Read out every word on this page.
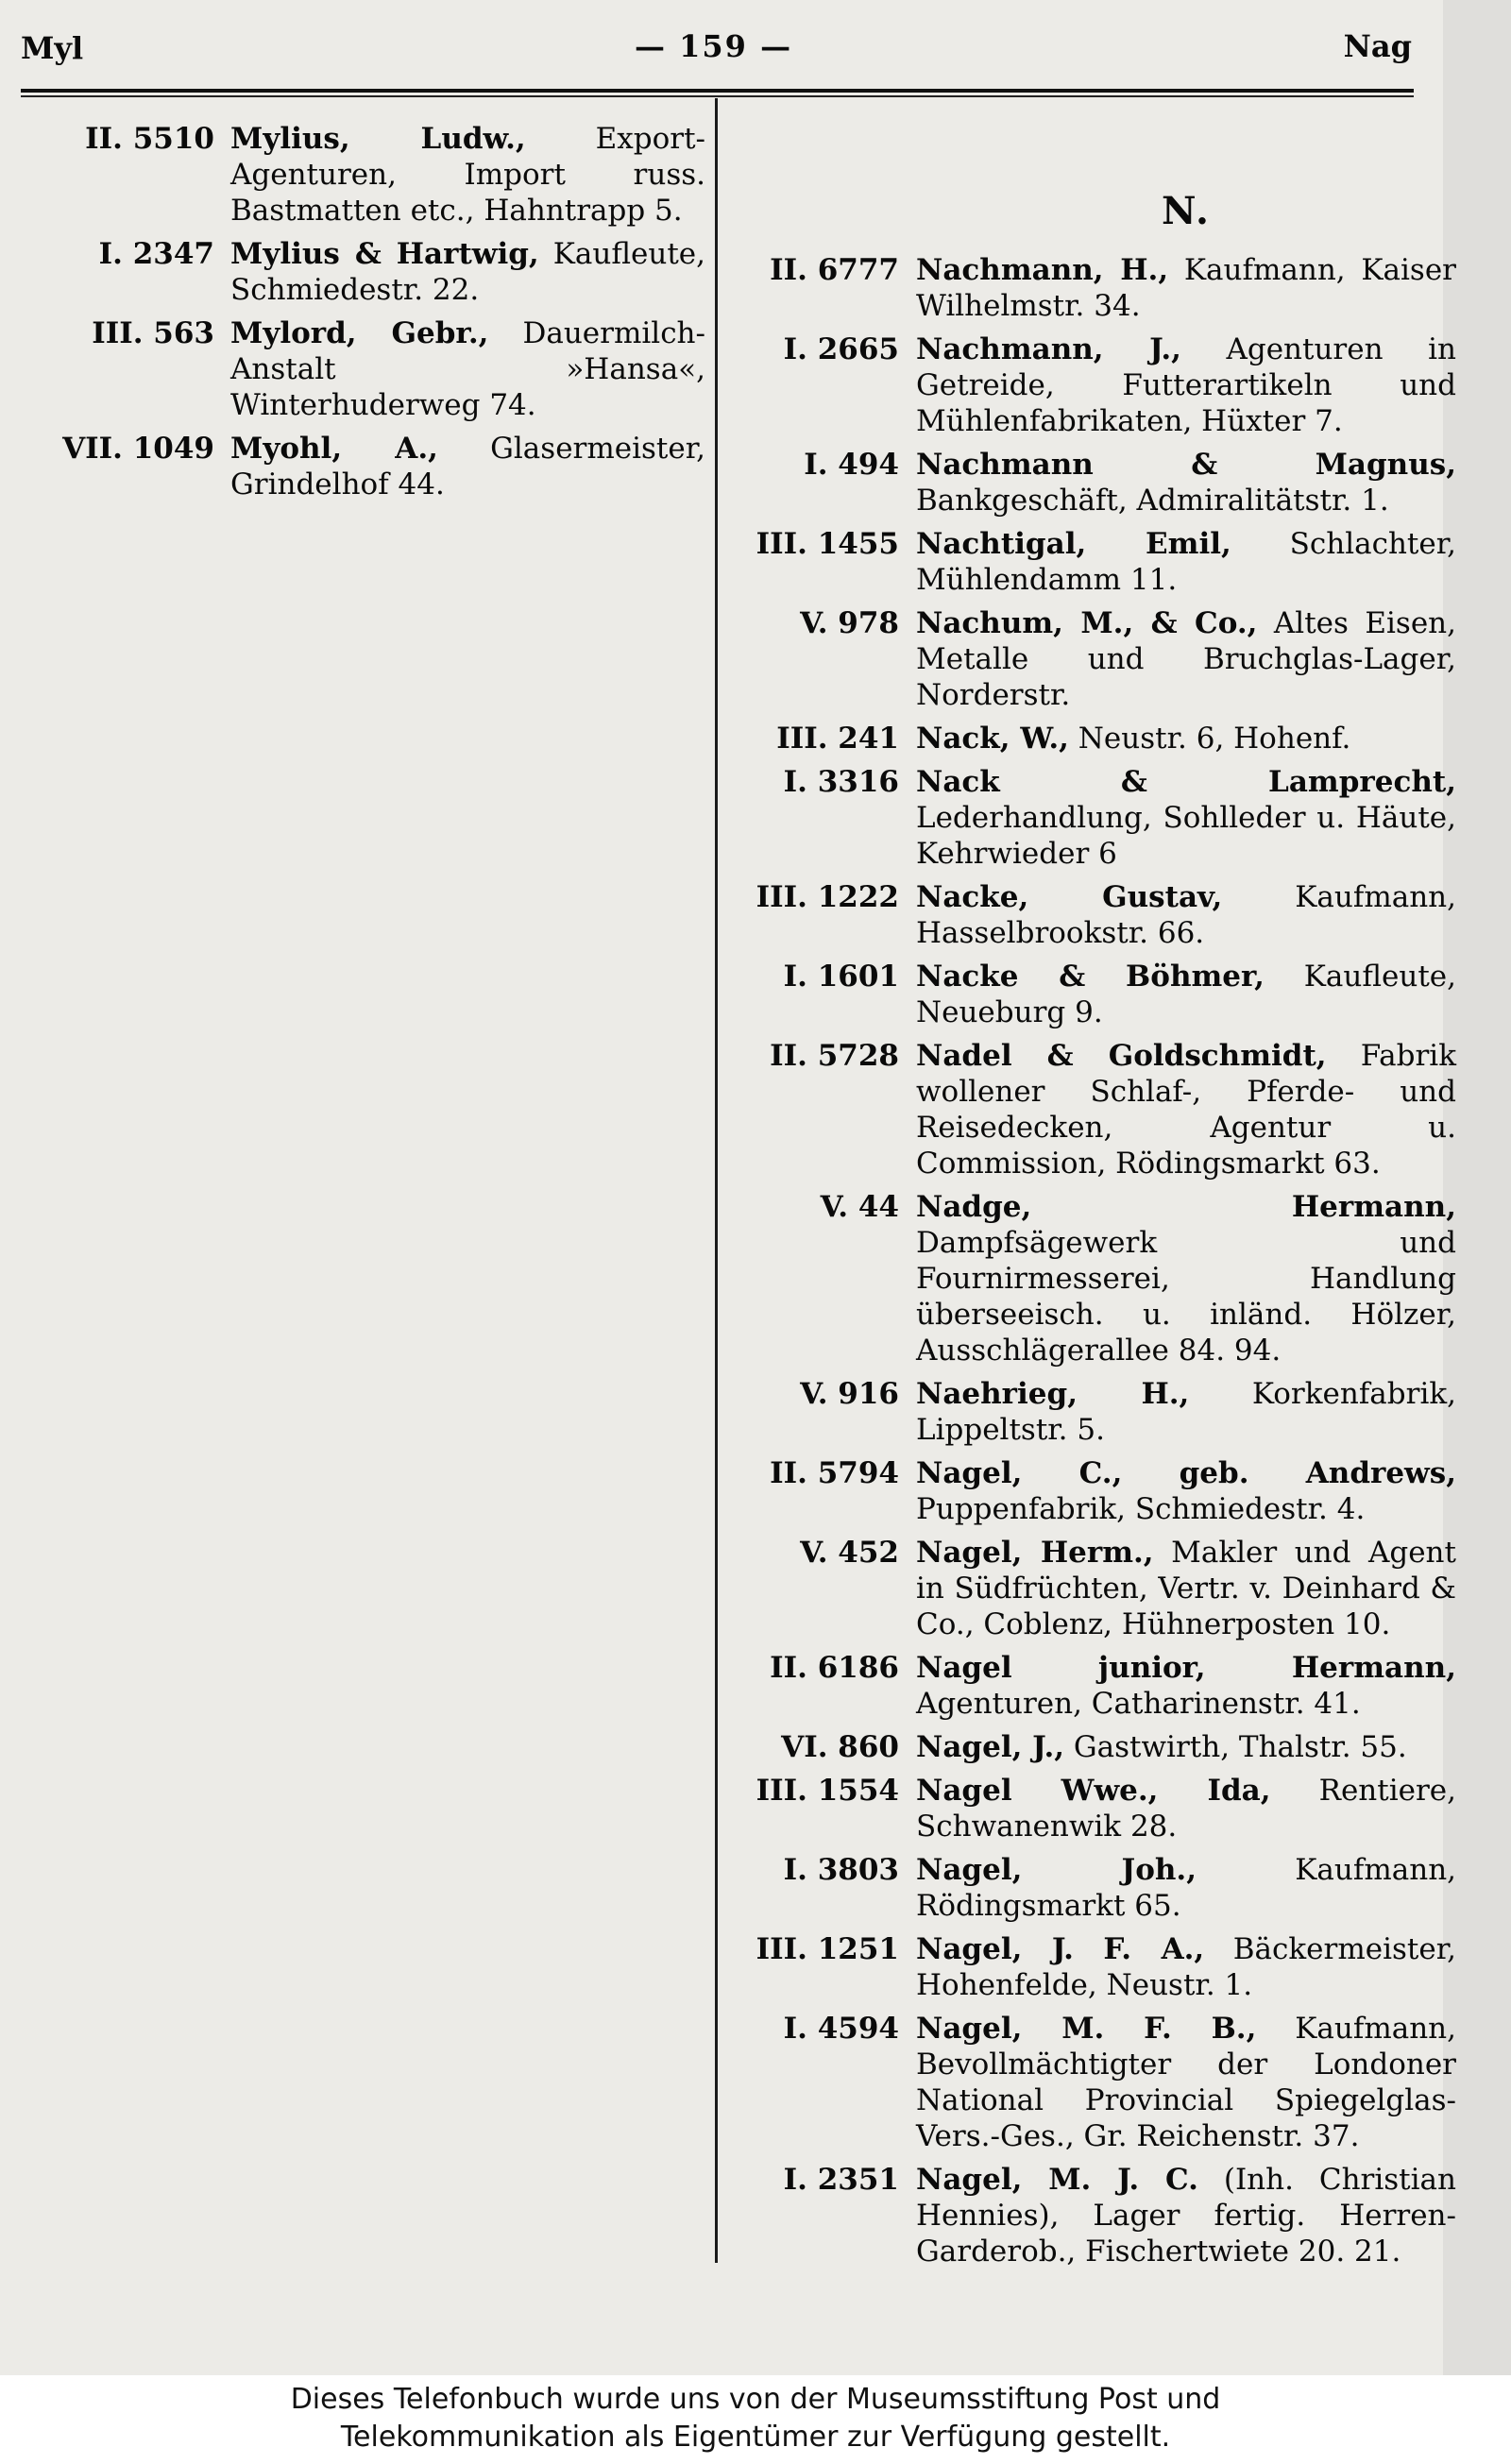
Myl	— 159 —	Nag
II. 5510 Mylius, Ludw., Export-Agenturen, Import russ. Bastmatten etc., Hahntrapp 5.
I. 2347 Mylius & Hartwig, Kaufleute, Schmiedestr. 22.
III. 563 Mylord, Gebr., Dauermilch-Anstalt »Hansa«, Winterhuderweg 74.
VII. 1049 Myohl, A., Glasermeister, Grindelhof 44.
N.
II. 6777 Nachmann, H., Kaufmann, Kaiser Wilhelmstr. 34.
I. 2665 Nachmann, J., Agenturen in Getreide, Futterartikeln und Mühlenfabrikaten, Hüxter 7.
I. 494 Nachmann & Magnus, Bankgeschäft, Admiralitätstr. 1.
III. 1455 Nachtigal, Emil, Schlachter, Mühlendamm 11.
V. 978 Nachum, M., & Co., Altes Eisen, Metalle und Bruchglas-Lager, Norderstr.
III. 241 Nack, W., Neustr. 6, Hohenf.
I. 3316 Nack & Lamprecht, Lederhandlung, Sohlleder u. Häute, Kehrwieder 6
III. 1222 Nacke, Gustav, Kaufmann, Hasselbrookstr. 66.
I. 1601 Nacke & Böhmer, Kaufleute, Neueburg 9.
II. 5728 Nadel & Goldschmidt, Fabrik wollener Schlaf-, Pferde- und Reisedecken, Agentur u. Commission, Rödingsmarkt 63.
V. 44 Nadge, Hermann, Dampfsägewerk und Fournirmesserei, Handlung überseeisch. u. inländ. Hölzer, Ausschlägerallee 84. 94.
V. 916 Naehrieg, H., Korkenfabrik, Lippeltstr. 5.
II. 5794 Nagel, C., geb. Andrews, Puppenfabrik, Schmiedestr. 4.
V. 452 Nagel, Herm., Makler und Agent in Südfrüchten, Vertr. v. Deinhard & Co., Coblenz, Hühnerposten 10.
II. 6186 Nagel junior, Hermann, Agenturen, Catharinenstr. 41.
VI. 860 Nagel, J., Gastwirth, Thalstr. 55.
III. 1554 Nagel Wwe., Ida, Rentiere, Schwanenwik 28.
I. 3803 Nagel, Joh.,	Kaufmann, Rödingsmarkt 65.
III. 1251 Nagel, J. F. A., Bäckermeister, Hohenfelde, Neustr. 1.
I. 4594 Nagel, M. F. B., Kaufmann, Bevollmächtigter der Londoner National Provincial Spiegelglas-Vers.-Ges., Gr. Reichenstr. 37.
I. 2351 Nagel, M. J. C. (Inh. Christian Hennies), Lager fertig. Herren-Garderob., Fischertwiete 20. 21.
Dieses Telefonbuch wurde uns von der Museumsstiftung Post und
Telekommunikation als Eigentümer zur Verfügung gestellt.
